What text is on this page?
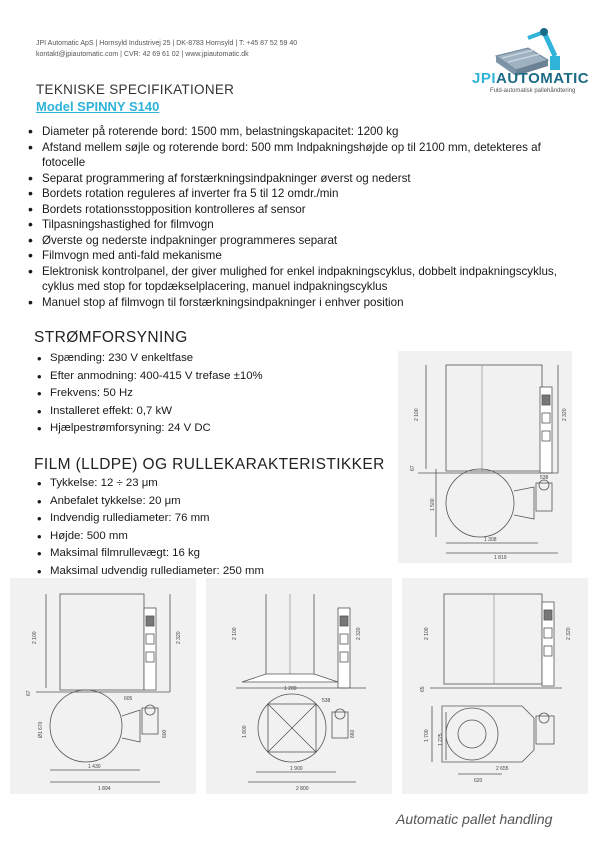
JPI Automatic ApS | Hornsyld Industrivej 25 | DK-8783 Hornsyld | T: +45 87 52 59 40
kontakt@jpiautomatic.com | CVR: 42 69 61 02 | www.jpiautomatic.dk
JPIAUTOMATIC
Fuld-automatisk pallehåndtering
TEKNISKE SPECIFIKATIONER
Model SPINNY S140
• Diameter på roterende bord: 1500 mm, belastningskapacitet: 1200 kg
• Afstand mellem søjle og roterende bord: 500 mm Indpakningshøjde op til 2100 mm, detekteres af fotocelle
• Separat programmering af forstærkningsindpakninger øverst og nederst
• Bordets rotation reguleres af inverter fra 5 til 12 omdr./min
• Bordets rotationsstopposition kontrolleres af sensor
• Tilpasningshastighed for filmvogn
• Øverste og nederste indpakninger programmeres separat
• Filmvogn med anti-fald mekanisme
• Elektronisk kontrolpanel, der giver mulighed for enkel indpakningscyklus, dobbelt indpakningscyklus, cyklus med stop for topdækselplacering, manuel indpakningscyklus
• Manuel stop af filmvogn til forstærkningsindpakninger i enhver position
STRØMFORSYNING
• Spænding: 230 V enkeltfase
• Efter anmodning: 400-415 V trefase ±10%
• Frekvens: 50 Hz
• Installeret effekt: 0,7 kW
• Hjælpestrømforsyning: 24 V DC
FILM (LLDPE) OG RULLEKARAKTERISTIKKER
• Tykkelse: 12 ÷ 23 μm
• Anbefalet tykkelse: 20 μm
• Indvendig rullediameter: 76 mm
• Højde: 500 mm
• Maksimal filmrullevægt: 16 kg
• Maksimal udvendig rullediameter: 250 mm
2 100	2 320
67
1 500
538
1 308
1 819
2 100	2 320
67
Ø1 670
605
600
1 430
1 894
2 100	2 320
1 200
538
1 800	660
1 900
2 800
2 100	2 320
65
1 700 1 225
2 655
620
Automatic pallet handling
